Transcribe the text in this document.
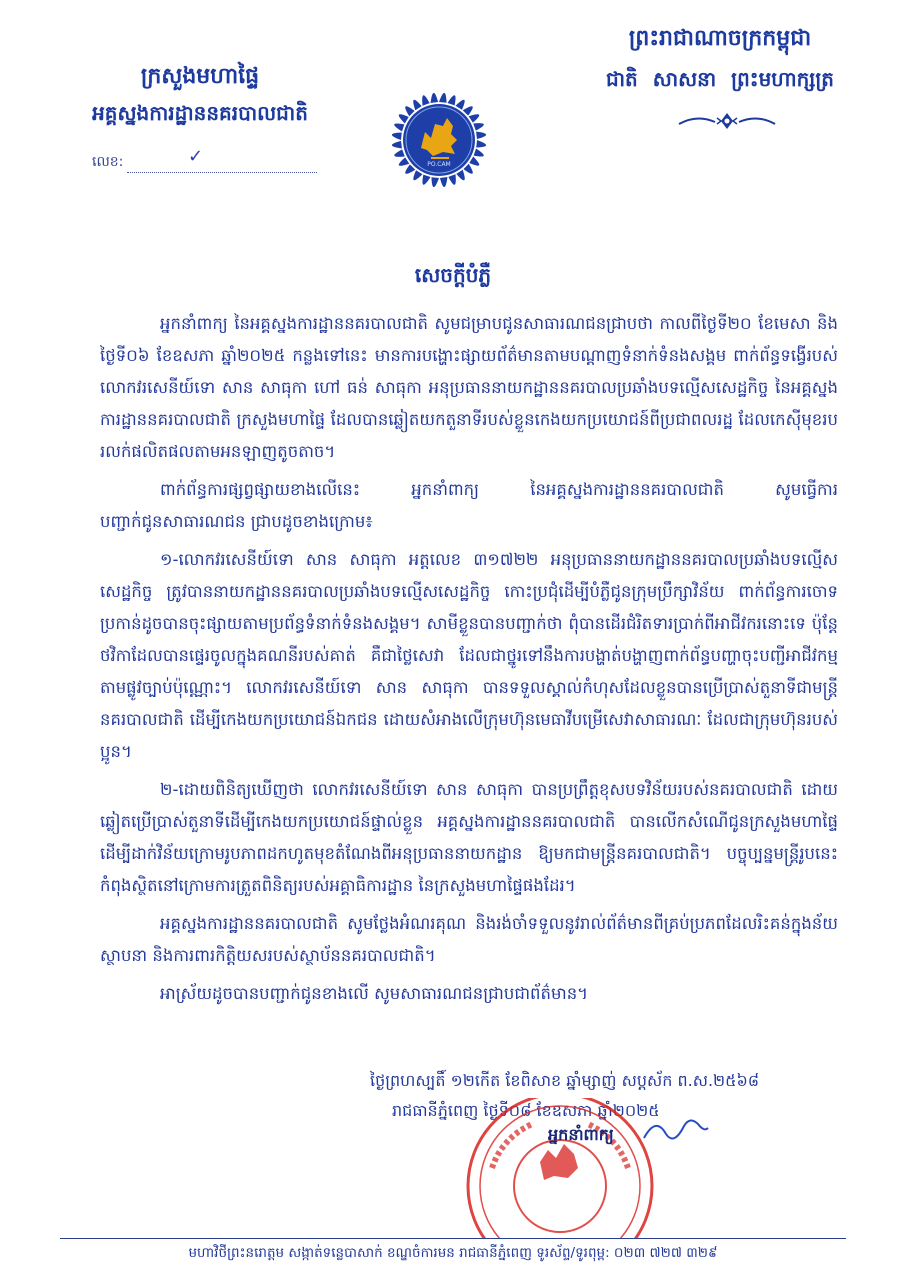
ក្រសួងមហាផ្ទៃ
អគ្គស្នងការដ្ឋាននគរបាលជាតិ
លេខ:	✓	PO.CAM
ព្រះរាជាណាចក្រកម្ពុជា
ជាតិ សាសនា ព្រះមហាក្សត្រ
សេចក្តីបំភ្លឺ

អ្នកនាំពាក្យ នៃអគ្គស្នងការដ្ឋាននគរបាលជាតិ សូមជម្រាបជូនសាធារណជនជ្រាបថា កាលពីថ្ងៃទី២០ ខែមេសា និងថ្ងៃទី០៦ ខែឧសភា ឆ្នាំ២០២៥ កន្លងទៅនេះ មានការបង្ហោះផ្សាយព័ត៌មានតាមបណ្តាញទំនាក់ទំនងសង្គម ពាក់ព័ន្ធទង្វើរបស់លោកវរសេនីយ៍ទោ សាន សាធុកា ហៅ ធន់ សាធុកា អនុប្រធាននាយកដ្ឋាននគរបាលប្រឆាំងបទល្មើសសេដ្ឋកិច្ច នៃអគ្គស្នងការដ្ឋាននគរបាលជាតិ ក្រសួងមហាផ្ទៃ ដែលបានឆ្លៀតយកតួនាទីរបស់ខ្លួនកេងយកប្រយោជន៍ពីប្រជាពលរដ្ឋ ដែលកេស៊ីមុខរបរលក់ផលិតផលតាមអនឡាញតូចតាច។

ពាក់ព័ន្ធការផ្សព្វផ្សាយខាងលើនេះ អ្នកនាំពាក្យ នៃអគ្គស្នងការដ្ឋាននគរបាលជាតិ សូមធ្វើការបញ្ជាក់ជូនសាធារណជន ជ្រាបដូចខាងក្រោម៖

១-លោកវរសេនីយ៍ទោ សាន សាធុកា អត្តលេខ ៣១៧២២ អនុប្រធាននាយកដ្ឋាននគរបាលប្រឆាំងបទល្មើសសេដ្ឋកិច្ច ត្រូវបាននាយកដ្ឋាននគរបាលប្រឆាំងបទល្មើសសេដ្ឋកិច្ច កោះប្រជុំដើម្បីបំភ្លឺជូនក្រុមប្រឹក្សាវិន័យ ពាក់ព័ន្ធការចោទប្រកាន់ដូចបានចុះផ្សាយតាមប្រព័ន្ធទំនាក់ទំនងសង្គម។ សាមីខ្លួនបានបញ្ជាក់ថា ពុំបានដើរជំរិតទារប្រាក់ពីអាជីវករនោះទេ ប៉ុន្តែថវិកាដែលបានផ្ទេរចូលក្នុងគណនីរបស់គាត់ គឺជាថ្លៃសេវា ដែលជាថ្នូរទៅនឹងការបង្ហាត់បង្ហាញពាក់ព័ន្ធបញ្ហាចុះបញ្ជីអាជីវកម្មតាមផ្លូវច្បាប់ប៉ុណ្ណោះ។ លោកវរសេនីយ៍ទោ សាន សាធុកា បានទទួលស្គាល់កំហុសដែលខ្លួនបានប្រើប្រាស់តួនាទីជាមន្ត្រីនគរបាលជាតិ ដើម្បីកេងយកប្រយោជន៍ឯកជន ដោយសំអាងលើក្រុមហ៊ុនមេធាវីបម្រើសេវាសាធារណៈ ដែលជាក្រុមហ៊ុនរបស់ប្អូន។

២-ដោយពិនិត្យឃើញថា លោកវរសេនីយ៍ទោ សាន សាធុកា បានប្រព្រឹត្តខុសបទវិន័យរបស់នគរបាលជាតិ ដោយឆ្លៀតប្រើប្រាស់តួនាទីដើម្បីកេងយកប្រយោជន៍ផ្ទាល់ខ្លួន អគ្គស្នងការដ្ឋាននគរបាលជាតិ បានលើកសំណើជូនក្រសួងមហាផ្ទៃ ដើម្បីដាក់វិន័យក្រោមរូបភាពដកហូតមុខតំណែងពីអនុប្រធាននាយកដ្ឋាន ឱ្យមកជាមន្ត្រីនគរបាលជាតិ។ បច្ចុប្បន្នមន្ត្រីរូបនេះកំពុងស្ថិតនៅក្រោមការត្រួតពិនិត្យរបស់អគ្គាធិការដ្ឋាន នៃក្រសួងមហាផ្ទៃផងដែរ។

អគ្គស្នងការដ្ឋាននគរបាលជាតិ សូមថ្លែងអំណរគុណ និងរង់ចាំទទួលនូវរាល់ព័ត៌មានពីគ្រប់ប្រភពដែលរិះគន់ក្នុងន័យស្ថាបនា និងការពារកិត្តិយសរបស់ស្ថាប័ននគរបាលជាតិ។

អាស្រ័យដូចបានបញ្ជាក់ជូនខាងលើ សូមសាធារណជនជ្រាបជាព័ត៌មាន។

ថ្ងៃព្រហស្បតិ៍ ១២កើត ខែពិសាខ ឆ្នាំម្សាញ់ សប្តស័ក ព.ស.២៥៦៨
រាជធានីភ្នំពេញ ថ្ងៃទី០៨ ខែឧសភា ឆ្នាំ២០២៥
អ្នកនាំពាក្យ
មហាវិថីព្រះនរោត្តម សង្កាត់ទន្លេបាសាក់ ខណ្ឌចំការមន រាជធានីភ្នំពេញ ទូរស័ព្ទ/ទូរពុម្ព: ០២៣ ៧២៧ ៣២៩
